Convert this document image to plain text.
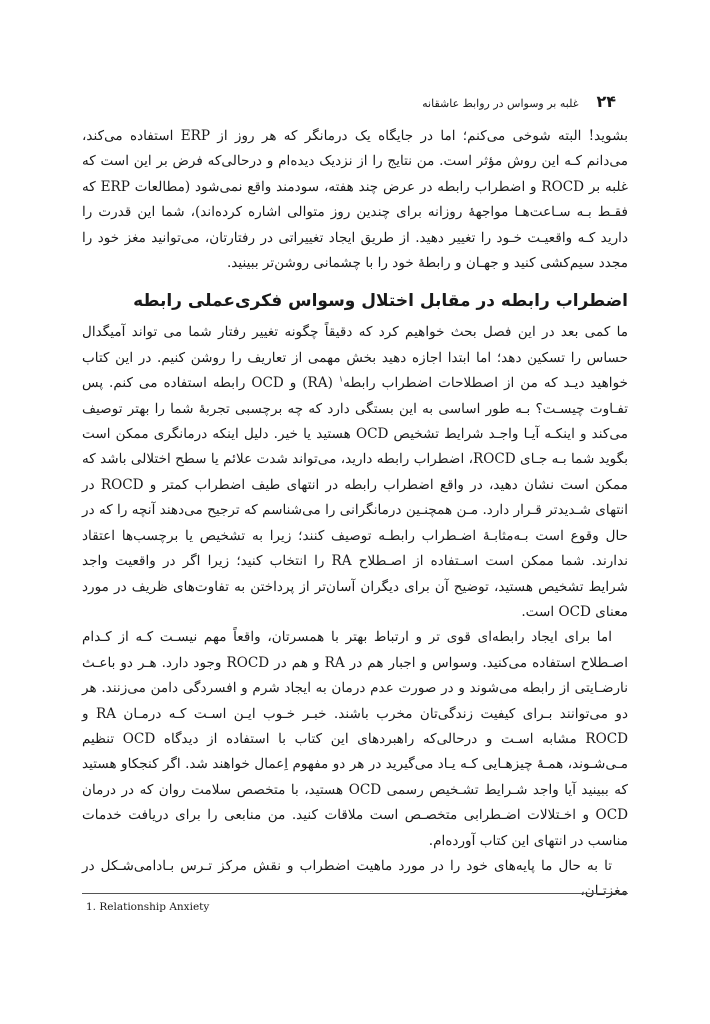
۲۴
غلبه بر وسواس در روابط عاشقانه

بشوید! البته شوخی می‌کنم؛ اما در جایگاه یک درمانگر که هر روز از ERP استفاده می‌کند، می‌دانم کـه این روش مؤثر است. من نتایج را از نزدیک دیده‌ام و درحالی‌که فرض بر این است که غلبه بر ROCD و اضطراب رابطه در عرض چند هفته، سودمند واقع نمی‌شود (مطالعات ERP که فقـط بـه سـاعت‌هـا مواجهۀ روزانه برای چندین روز متوالی اشاره کرده‌اند)، شما این قدرت را دارید کـه واقعیـت خـود را تغییر دهید. از طریق ایجاد تغییراتی در رفتارتان، می‌توانید مغز خود را مجدد سیم‌کشی کنید و جهـان و رابطۀ خود را با چشمانی روشن‌تر ببینید.

اضطراب رابطه در مقابل اختلال وسواس فکری‌عملی رابطه

ما کمی بعد در این فصل بحث خواهیم کرد که دقیقاً چگونه تغییر رفتار شما می تواند آمیگدال حساس را تسکین دهد؛ اما ابتدا اجازه دهید بخش مهمی از تعاریف را روشن کنیم. در این کتاب خواهید دیـد که من از اصطلاحات اضطراب رابطه$^۱$ (RA) و OCD رابطه استفاده می کنم. پس تفـاوت چیسـت؟ بـه طور اساسی به این بستگی دارد که چه برچسبی تجربۀ شما را بهتر توصیف می‌کند و اینکـه آیـا واجـد شرایط تشخیص OCD هستید یا خیر. دلیل اینکه درمانگری ممکن است بگوید شما بـه جـای ROCD، اضطراب رابطه دارید، می‌تواند شدت علائم یا سطح اختلالی باشد که ممکن است نشان دهید، در واقع اضطراب رابطه در انتهای طیف اضطراب کمتر و ROCD در انتهای شـدیدتر قـرار دارد. مـن همچنـین درمانگرانی را می‌شناسم که ترجیح می‌دهند آنچه را که در حال وقوع است بـه‌مثابـۀ اضـطراب رابطـه توصیف کنند؛ زیرا به تشخیص یا برچسب‌ها اعتقاد ندارند. شما ممکن است اسـتفاده از اصـطلاح RA را انتخاب کنید؛ زیرا اگر در واقعیت واجد شرایط تشخیص هستید، توضیح آن برای دیگران آسان‌تر از پرداختن به تفاوت‌های ظریف در مورد معنای OCD است.

اما برای ایجاد رابطه‌ای قوی تر و ارتباط بهتر با همسرتان، واقعاً مهم نیسـت کـه از کـدام اصـطلاح استفاده می‌کنید. وسواس و اجبار هم در RA و هم در ROCD وجود دارد. هـر دو باعـث نارضـایتی از رابطه می‌شوند و در صورت عدم درمان به ایجاد شرم و افسردگی دامن می‌زنند. هر دو می‌توانند بـرای کیفیت زندگی‌تان مخرب باشند. خبـر خـوب ایـن اسـت کـه درمـان RA و ROCD مشابه اسـت و درحالی‌که راهبردهای این کتاب با استفاده از دیدگاه OCD تنظیم مـی‌شـوند، همـۀ چیزهـایی کـه یـاد می‌گیرید در هر دو مفهوم اِعمال خواهند شد. اگر کنجکاو هستید که ببینید آیا واجد شـرایط تشـخیص رسمی OCD هستید، با متخصص سلامت روان که در درمان OCD و اخـتلالات اضـطرابی متخصـص است ملاقات کنید. من منابعی را برای دریافت خدمات مناسب در انتهای این کتاب آورده‌ام.

تا به حال ما پایه‌های خود را در مورد ماهیت اضطراب و نقش مرکز تـرس بـادامی‌شـکل در مغزتـان،

1. Relationship Anxiety
